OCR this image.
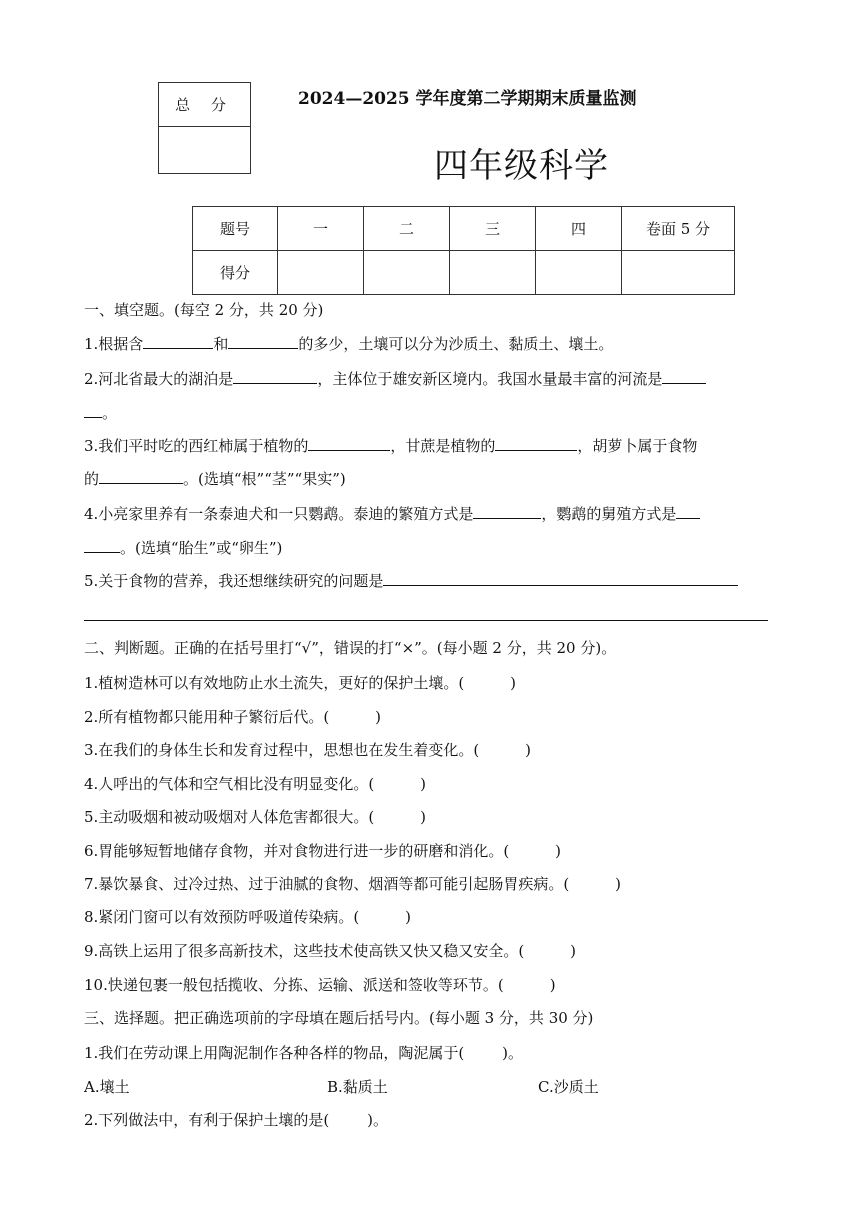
总 分	2024—2025 学年度第二学期期末质量监测
四年级科学
题号	一	二	三	四	卷面 5 分
得分					
一、填空题。(每空 2 分，共 20 分)
1.根据含	和	的多少，土壤可以分为沙质土、黏质土、壤土。
2.河北省最大的湖泊是	，主体位于雄安新区境内。我国水量最丰富的河流是
。
3.我们平时吃的西红柿属于植物的	，甘蔗是植物的	，胡萝卜属于食物
的	。(选填“根”“茎”“果实”)
4.小亮家里养有一条泰迪犬和一只鹦鹉。泰迪的繁殖方式是	，鹦鹉的舅殖方式是
。(选填“胎生”或“卵生”)
5.关于食物的营养，我还想继续研究的问题是
二、判断题。正确的在括号里打“√”，错误的打“×”。(每小题 2 分，共 20 分)。
1.植树造林可以有效地防止水土流失，更好的保护土壤。(	)
2.所有植物都只能用种子繁衍后代。(	)
3.在我们的身体生长和发育过程中，思想也在发生着变化。(	)
4.人呼出的气体和空气相比没有明显变化。(	)
5.主动吸烟和被动吸烟对人体危害都很大。(	)
6.胃能够短暂地储存食物，并对食物进行进一步的研磨和消化。(	)
7.暴饮暴食、过冷过热、过于油腻的食物、烟酒等都可能引起肠胃疾病。(	)
8.紧闭门窗可以有效预防呼吸道传染病。(	)
9.高铁上运用了很多高新技术，这些技术使高铁又快又稳又安全。(	)
10.快递包裹一般包括揽收、分拣、运输、派送和签收等环节。(	)
三、选择题。把正确选项前的字母填在题后括号内。(每小题 3 分，共 30 分)
1.我们在劳动课上用陶泥制作各种各样的物品，陶泥属于(	)。
A.壤土	B.黏质土	C.沙质土
2.下列做法中，有利于保护土壤的是(	)。
